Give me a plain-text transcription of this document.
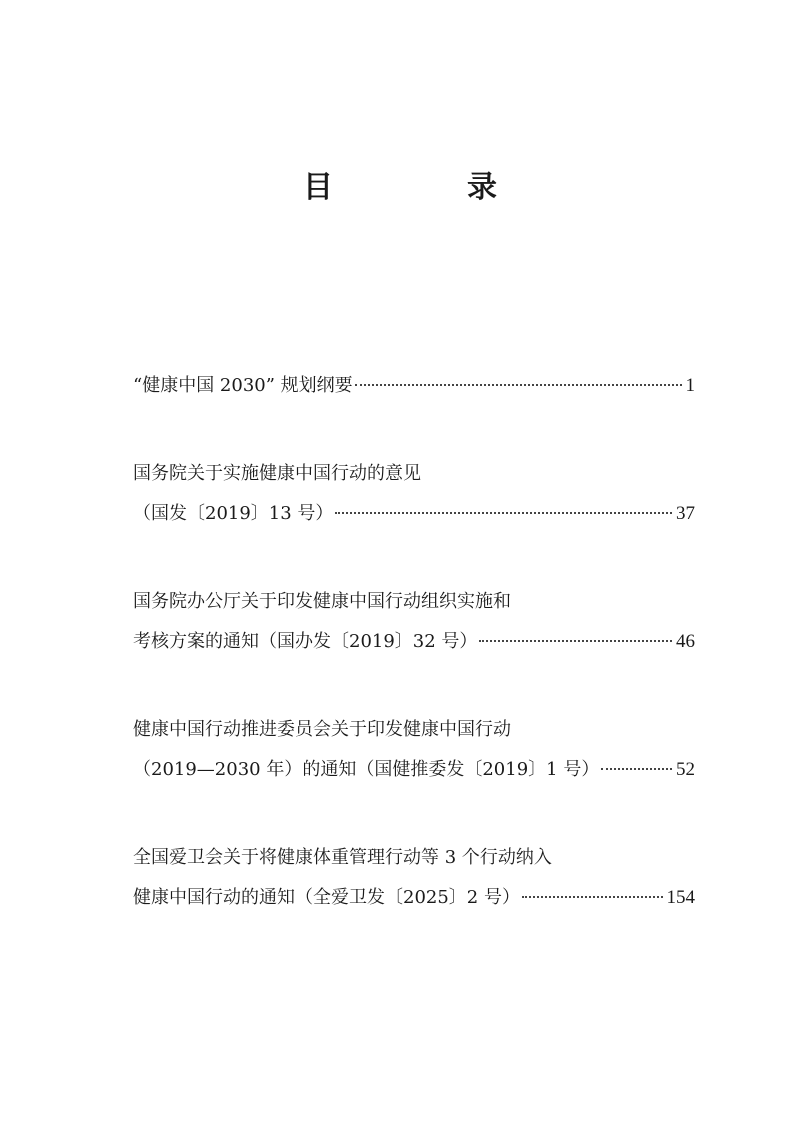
目　录
“健康中国 2030” 规划纲要	1
国务院关于实施健康中国行动的意见
（国发〔2019〕13 号）	37
国务院办公厅关于印发健康中国行动组织实施和
考核方案的通知（国办发〔2019〕32 号）	46
健康中国行动推进委员会关于印发健康中国行动
（2019—2030 年）的通知（国健推委发〔2019〕1 号）	52
全国爱卫会关于将健康体重管理行动等 3 个行动纳入
健康中国行动的通知（全爱卫发〔2025〕2 号）	154
